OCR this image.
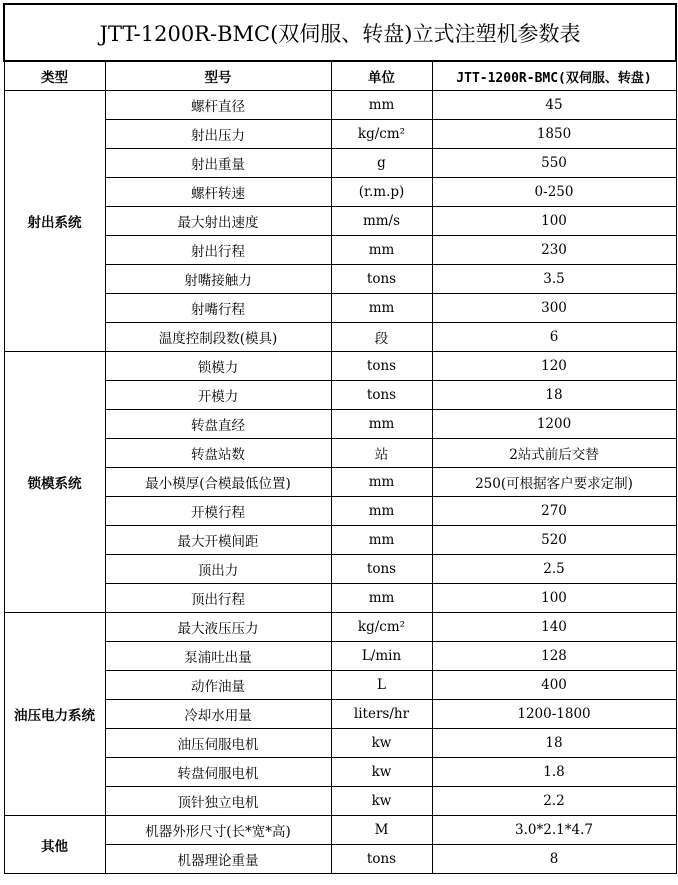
JTT-1200R-BMC(双伺服、转盘)立式注塑机参数表			
类型	型号	单位	JTT-1200R-BMC(双伺服、转盘)
射出系统	螺杆直径	mm	45
	射出压力	kg/cm²	1850
	射出重量	g	550
	螺杆转速	(r.m.p)	0-250
	最大射出速度	mm/s	100
	射出行程	mm	230
	射嘴接触力	tons	3.5
	射嘴行程	mm	300
	温度控制段数(模具)	段	6
锁模系统	锁模力	tons	120
	开模力	tons	18
	转盘直经	mm	1200
	转盘站数	站	2站式前后交替
	最小模厚(合模最低位置)	mm	250(可根据客户要求定制)
	开模行程	mm	270
	最大开模间距	mm	520
	顶出力	tons	2.5
	顶出行程	mm	100
油压电力系统	最大液压压力	kg/cm²	140
	泵浦吐出量	L/min	128
	动作油量	L	400
	冷却水用量	liters/hr	1200-1800
	油压伺服电机	kw	18
	转盘伺服电机	kw	1.8
	顶针独立电机	kw	2.2
其他	机器外形尺寸(长*宽*高)	M	3.0*2.1*4.7
	机器理论重量	tons	8
